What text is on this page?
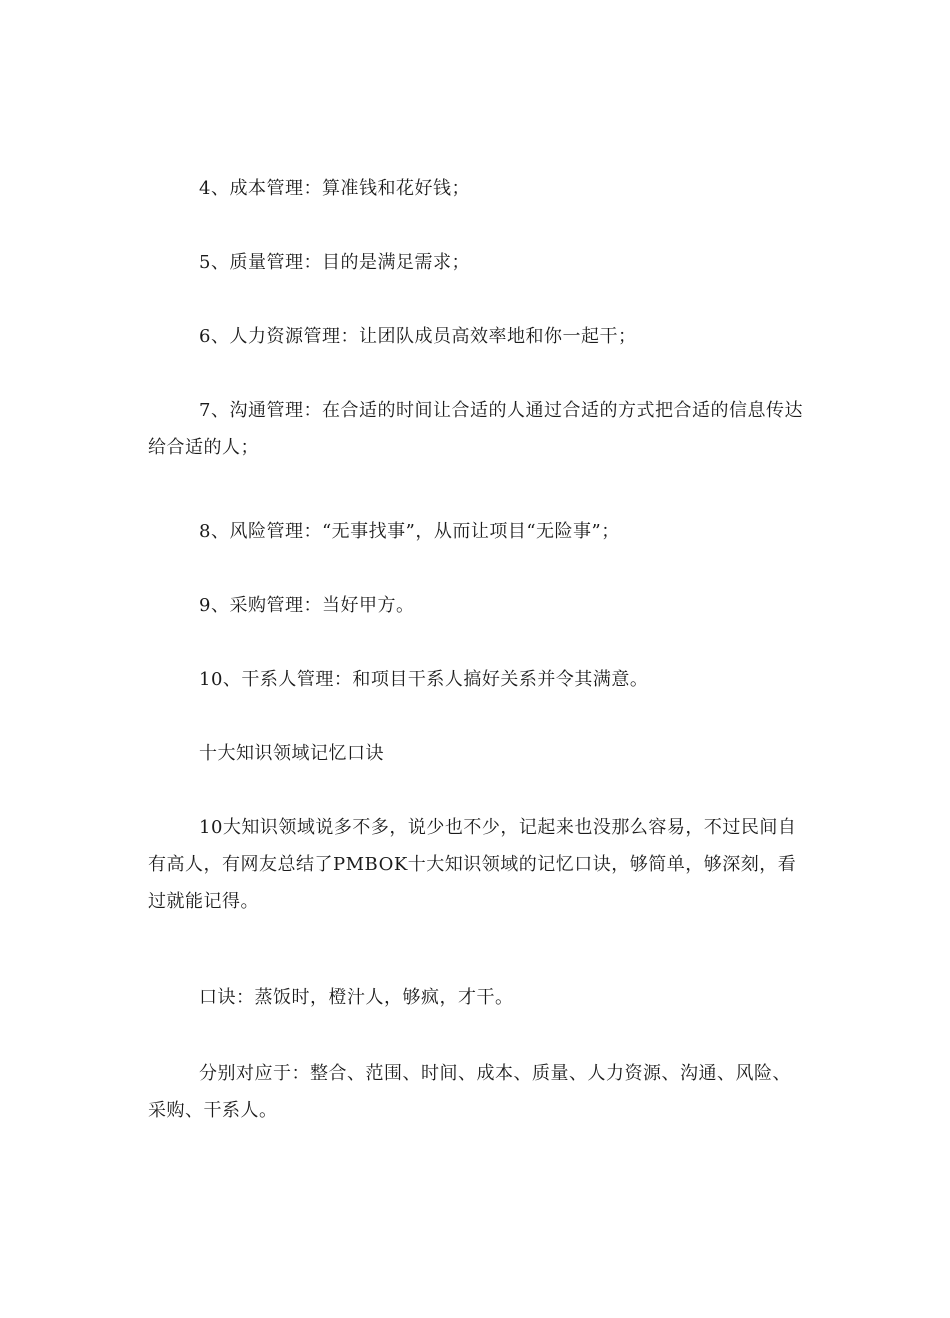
4、成本管理：算准钱和花好钱；

5、质量管理：目的是满足需求；

6、人力资源管理：让团队成员高效率地和你一起干；

7、沟通管理：在合适的时间让合适的人通过合适的方式把合适的信息传达给合适的人；

8、风险管理：“无事找事”，从而让项目“无险事”；

9、采购管理：当好甲方。

10、干系人管理：和项目干系人搞好关系并令其满意。

十大知识领域记忆口诀

10大知识领域说多不多，说少也不少，记起来也没那么容易，不过民间自有高人，有网友总结了PMBOK十大知识领域的记忆口诀，够简单，够深刻，看过就能记得。

口诀：蒸饭时，橙汁人，够疯，才干。

分别对应于：整合、范围、时间、成本、质量、人力资源、沟通、风险、采购、干系人。
